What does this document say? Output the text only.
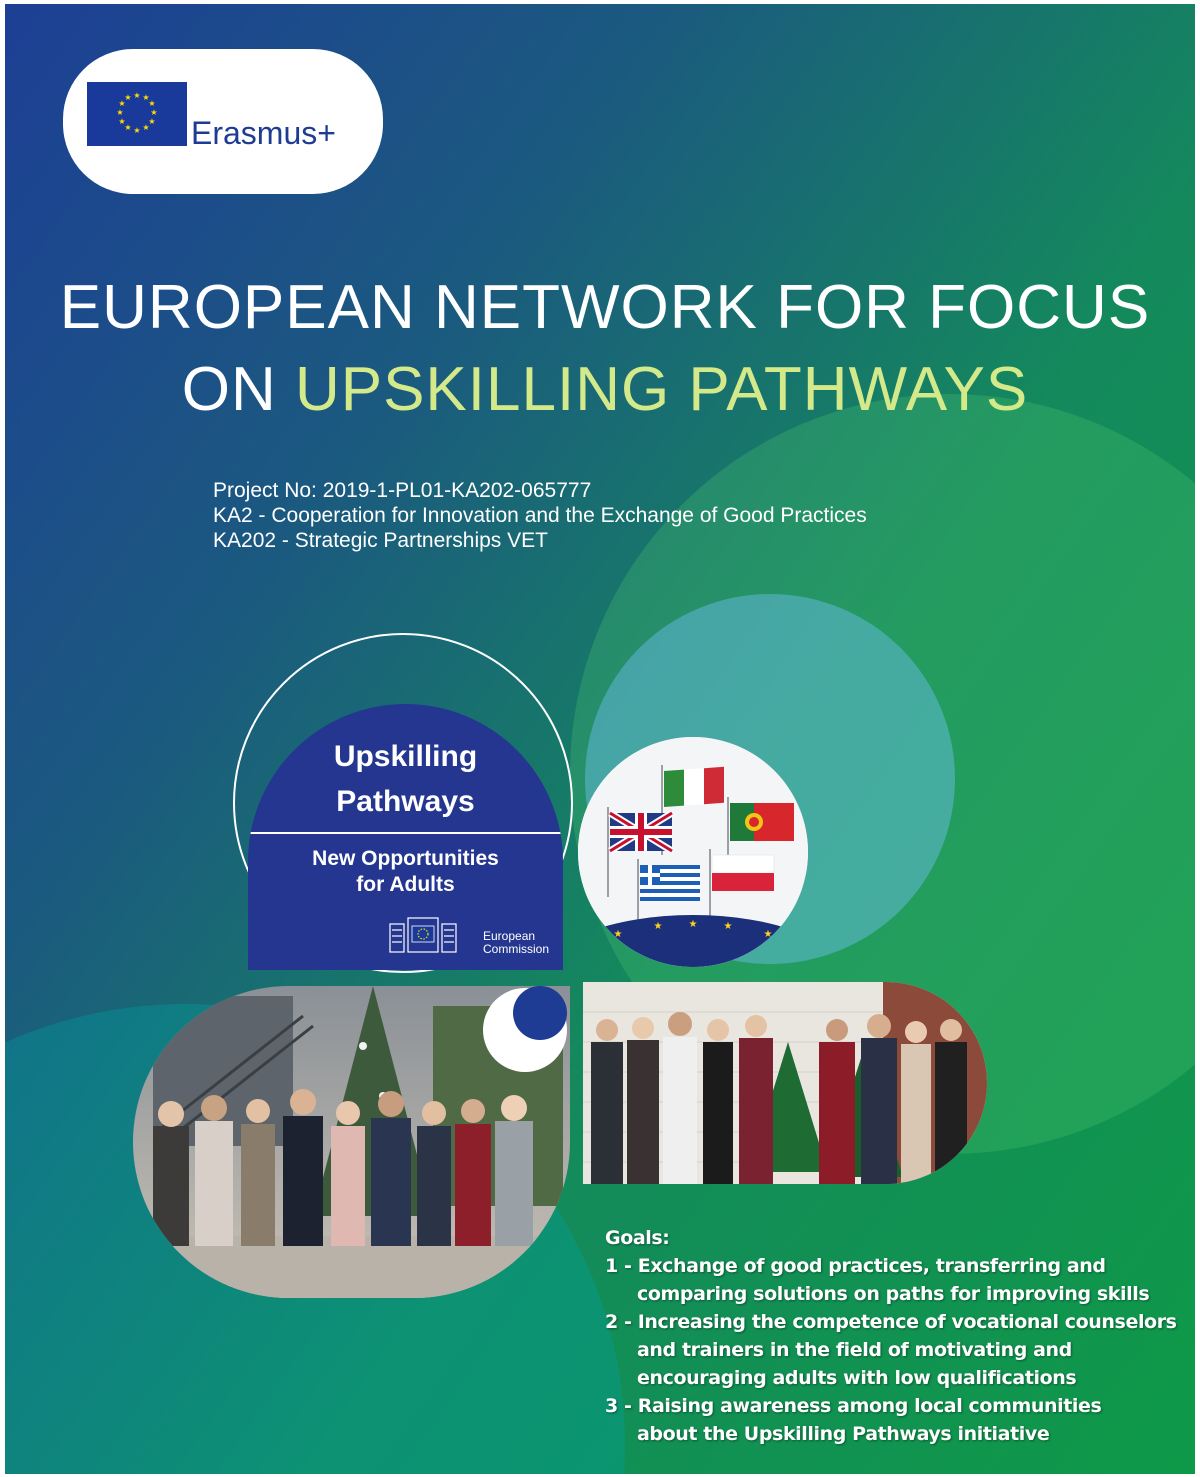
★ ★
★
★
★
★
★
★
★
★
★
★
Erasmus+
EUROPEAN NETWORK FOR FOCUS
ON UPSKILLING PATHWAYS
Project No: 2019-1-PL01-KA202-065777
KA2 - Cooperation for Innovation and the Exchange of Good Practices
KA202 - Strategic Partnerships VET
Upskilling
Pathways
New Opportunities
for Adults
European
Commission
★
★	★	★
★
★	★
Goals:
1 - Exchange of good practices, transferring and
comparing solutions on paths for improving skills
2 - Increasing the competence of vocational counselors
and trainers in the field of motivating and
encouraging adults with low qualifications
3 - Raising awareness among local communities
about the Upskilling Pathways initiative
